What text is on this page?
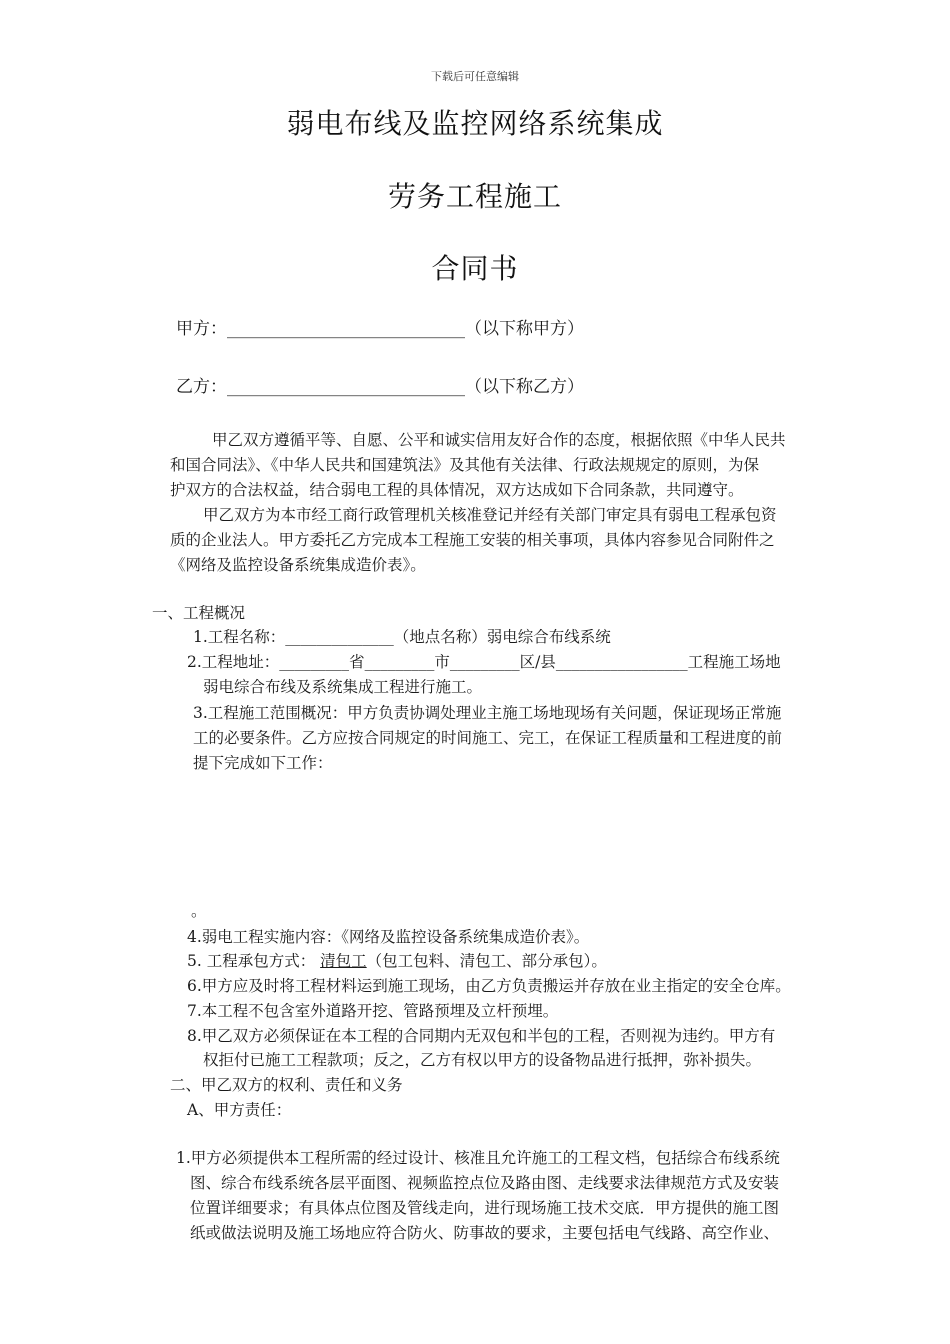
下载后可任意编辑
弱电布线及监控网络系统集成
劳务工程施工
合同书
甲方：____________________________（以下称甲方）
乙方：____________________________（以下称乙方）
甲乙双方遵循平等、自愿、公平和诚实信用友好合作的态度，根据依照《中华人民共
和国合同法》、《中华人民共和国建筑法》及其他有关法律、行政法规规定的原则，为保
护双方的合法权益，结合弱电工程的具体情况，双方达成如下合同条款，共同遵守。
甲乙双方为本市经工商行政管理机关核准登记并经有关部门审定具有弱电工程承包资
质的企业法人。甲方委托乙方完成本工程施工安装的相关事项，具体内容参见合同附件之
《网络及监控设备系统集成造价表》。
一、工程概况
1.工程名称：______________（地点名称）弱电综合布线系统
2.工程地址：_________省_________市_________区/县_________________工程施工场地
弱电综合布线及系统集成工程进行施工。
3.工程施工范围概况：甲方负责协调处理业主施工场地现场有关问题，保证现场正常施
工的必要条件。乙方应按合同规定的时间施工、完工，在保证工程质量和工程进度的前
提下完成如下工作：
。
4.弱电工程实施内容：《网络及监控设备系统集成造价表》。
5. 工程承包方式： 清包工（包工包料、清包工、部分承包）。
6.甲方应及时将工程材料运到施工现场，由乙方负责搬运并存放在业主指定的安全仓库。
7.本工程不包含室外道路开挖、管路预埋及立杆预埋。
8.甲乙双方必须保证在本工程的合同期内无双包和半包的工程，否则视为违约。甲方有
权拒付已施工工程款项；反之，乙方有权以甲方的设备物品进行抵押，弥补损失。
二、甲乙双方的权利、责任和义务
A、甲方责任：
1.甲方必须提供本工程所需的经过设计、核准且允许施工的工程文档，包括综合布线系统
图、综合布线系统各层平面图、视频监控点位及路由图、走线要求法律规范方式及安装
位置详细要求；有具体点位图及管线走向，进行现场施工技术交底．甲方提供的施工图
纸或做法说明及施工场地应符合防火、防事故的要求，主要包括电气线路、高空作业、
